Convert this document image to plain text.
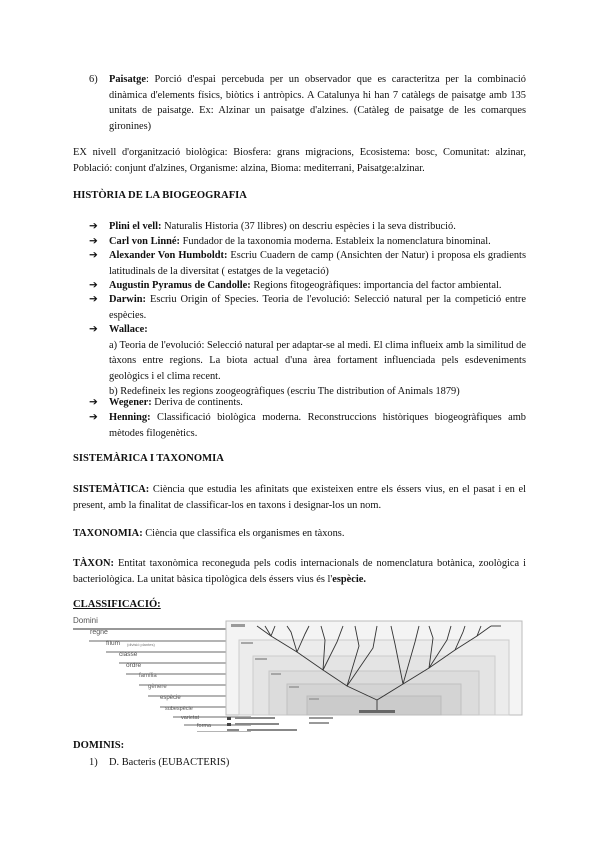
6) Paisatge: Porció d'espai percebuda per un observador que es caracteritza per la combinació dinàmica d'elements físics, biòtics i antròpics. A Catalunya hi han 7 catàlegs de paisatge amb 135 unitats de paisatge. Ex: Alzinar un paisatge d'alzines. (Catàleg de paisatge de les comarques gironines)
EX nivell d'organització biològica: Biosfera: grans migracions, Ecosistema: bosc, Comunitat: alzinar, Població: conjunt d'alzines, Organisme: alzina, Bioma: mediterrani, Paisatge:alzinar.
HISTÒRIA DE LA BIOGEOGRAFIA
➔ Plini el vell: Naturalis Historia (37 llibres) on descriu espècies i la seva distribució.
➔ Carl von Linné: Fundador de la taxonomia moderna. Estableix la nomenclatura binominal.
➔ Alexander Von Humboldt: Escriu Cuadern de camp (Ansichten der Natur) i proposa els gradients latitudinals de la diversitat ( estatges de la vegetació)
➔ Augustin Pyramus de Candolle: Regions fitogeogràfiques: importancia del factor ambiental.
➔ Darwin: Escriu Origin of Species. Teoria de l'evolució: Selecció natural per la competició entre espècies.
➔ Wallace:
a) Teoria de l'evolució: Selecció natural per adaptar-se al medi. El clima influeix amb la similitud de tàxons entre regions. La biota actual d'una àrea fortament influenciada pels esdeveniments geològics i el clima recent.
b) Redefineix les regions zoogeogràfiques (escriu The distribution of Animals 1879)
➔ Wegener: Deriva de continents.
➔ Henning: Classificació biològica moderna. Reconstruccions històriques biogeogràfiques amb mètodes filogenètics.
SISTEMÀRICA I TAXONOMIA
SISTEMÀTICA: Ciència que estudia les afinitats que existeixen entre els éssers vius, en el pasat i en el present, amb la finalitat de classificar-los en taxons i designar-los un nom.
TAXONOMIA: Ciència que classifica els organismes en tàxons.
TÀXON: Entitat taxonòmica reconeguda pels codis internacionals de nomenclatura botànica, zoològica i bacteriològica. La unitat bàsica tipològica dels éssers vius és l'espècie.
CLASSIFICACIÓ:
Domini
regne
fílum (divisió plantes)
classe
ordre
família
gènere
espècie
subespècie
varietat
forma
DOMINIS:
1) D. Bacteris (EUBACTERIS)
